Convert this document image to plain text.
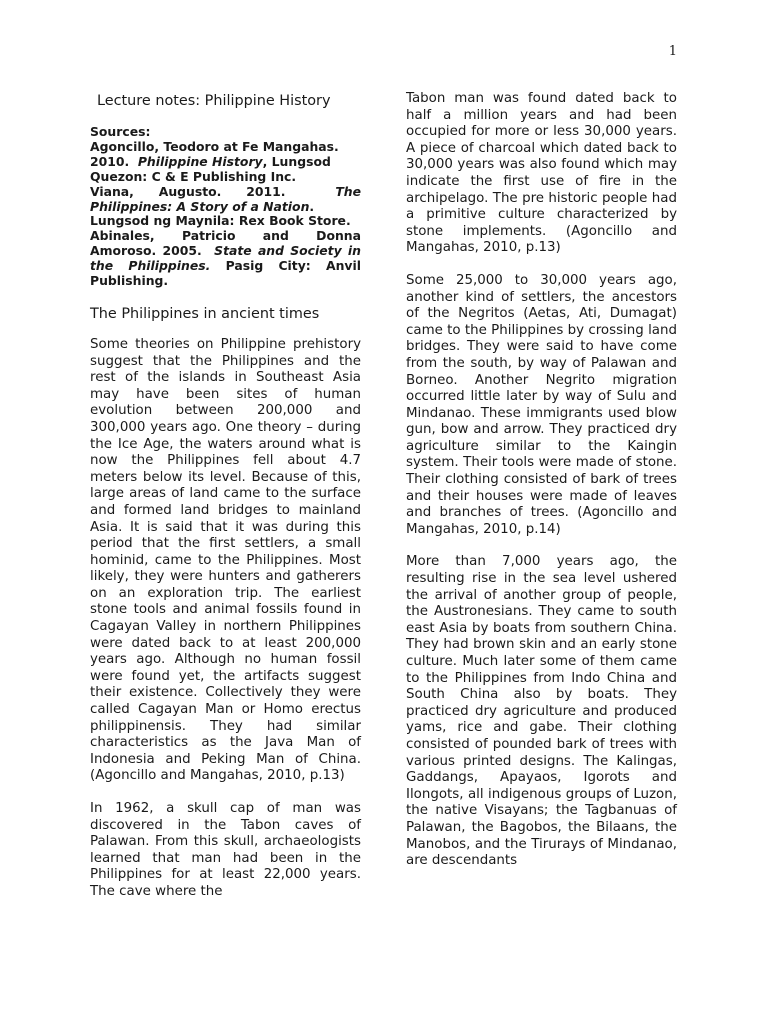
1
Lecture notes: Philippine History
Sources:
Agoncillo, Teodoro at Fe Mangahas.
2010. Philippine History, Lungsod
Quezon: C & E Publishing Inc.
Viana, Augusto. 2011.	The
Philippines: A Story of a Nation.
Lungsod ng Maynila: Rex Book Store.
Abinales, Patricio and Donna
Amoroso. 2005. State and Society in
the Philippines. Pasig City: Anvil
Publishing.
The Philippines in ancient times

Some theories on Philippine prehistory suggest that the Philippines and the rest of the islands in Southeast Asia may have been sites of human evolution between 200,000 and 300,000 years ago. One theory – during the Ice Age, the waters around what is now the Philippines fell about 4.7 meters below its level. Because of this, large areas of land came to the surface and formed land bridges to mainland Asia. It is said that it was during this period that the first settlers, a small hominid, came to the Philippines. Most likely, they were hunters and gatherers on an exploration trip. The earliest stone tools and animal fossils found in Cagayan Valley in northern Philippines were dated back to at least 200,000 years ago. Although no human fossil were found yet, the artifacts suggest their existence. Collectively they were called Cagayan Man or Homo erectus philippinensis. They had similar characteristics as the Java Man of Indonesia and Peking Man of China. (Agoncillo and Mangahas, 2010, p.13)

In 1962, a skull cap of man was discovered in the Tabon caves of Palawan. From this skull, archaeologists learned that man had been in the Philippines for at least 22,000 years. The cave where the

Tabon man was found dated back to half a million years and had been occupied for more or less 30,000 years. A piece of charcoal which dated back to 30,000 years was also found which may indicate the first use of fire in the archipelago. The pre historic people had a primitive culture characterized by stone implements. (Agoncillo and Mangahas, 2010, p.13)

Some 25,000 to 30,000 years ago, another kind of settlers, the ancestors of the Negritos (Aetas, Ati, Dumagat) came to the Philippines by crossing land bridges. They were said to have come from the south, by way of Palawan and Borneo. Another Negrito migration occurred little later by way of Sulu and Mindanao. These immigrants used blow gun, bow and arrow. They practiced dry agriculture similar to the Kaingin system. Their tools were made of stone. Their clothing consisted of bark of trees and their houses were made of leaves and branches of trees. (Agoncillo and Mangahas, 2010, p.14)

More than 7,000 years ago, the resulting rise in the sea level ushered the arrival of another group of people, the Austronesians. They came to south east Asia by boats from southern China. They had brown skin and an early stone culture. Much later some of them came to the Philippines from Indo China and South China also by boats. They practiced dry agriculture and produced yams, rice and gabe. Their clothing consisted of pounded bark of trees with various printed designs. The Kalingas, Gaddangs, Apayaos, Igorots and Ilongots, all indigenous groups of Luzon, the native Visayans; the Tagbanuas of Palawan, the Bagobos, the Bilaans, the Manobos, and the Tirurays of Mindanao, are descendants
